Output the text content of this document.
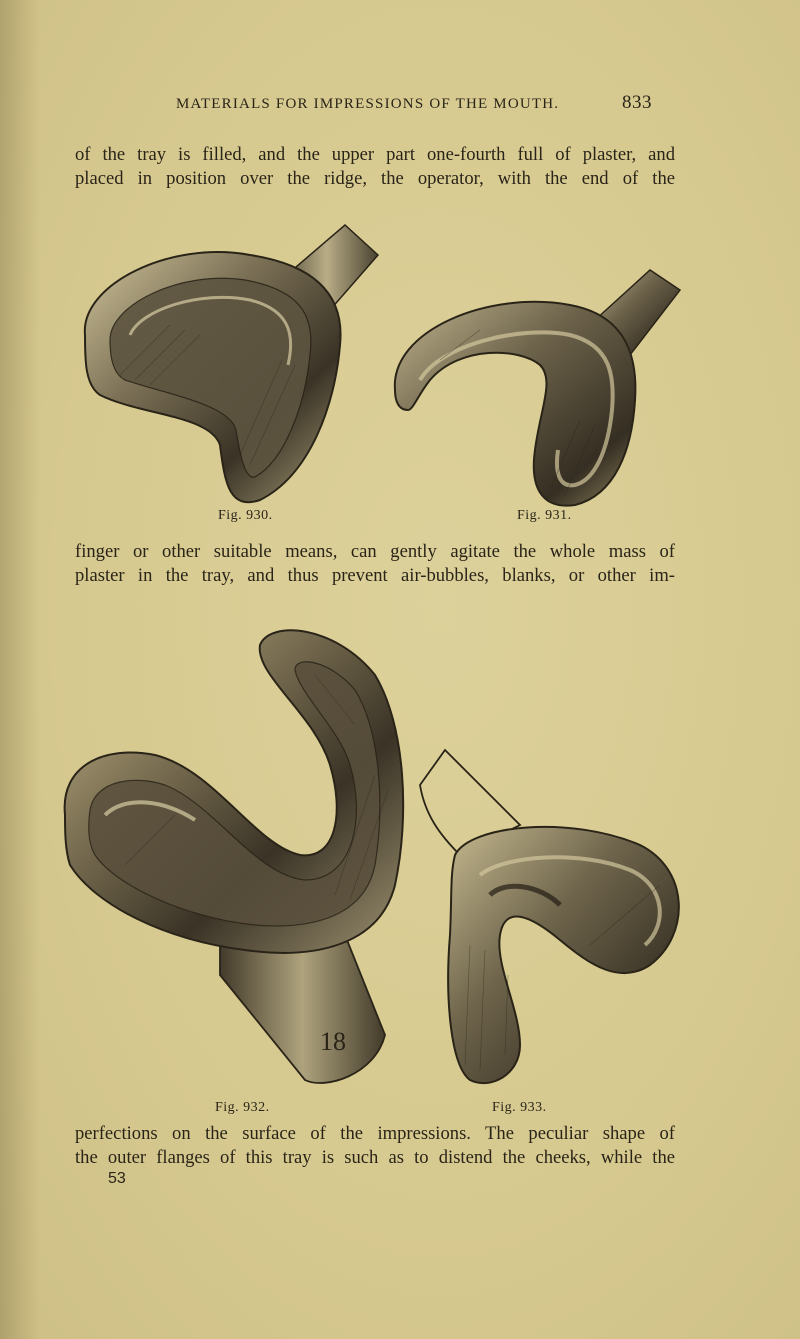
MATERIALS FOR IMPRESSIONS OF THE MOUTH.	833
of the tray is filled, and the upper part one-fourth full of plaster, and
placed in position over the ridge, the operator, with the end of the
Fig. 930.	Fig. 931.
finger or other suitable means, can gently agitate the whole mass of
plaster in the tray, and thus prevent air-bubbles, blanks, or other im-
18
Fig. 932.	Fig. 933.
perfections on the surface of the impressions. The peculiar shape of
the outer flanges of this tray is such as to distend the cheeks, while the
53
